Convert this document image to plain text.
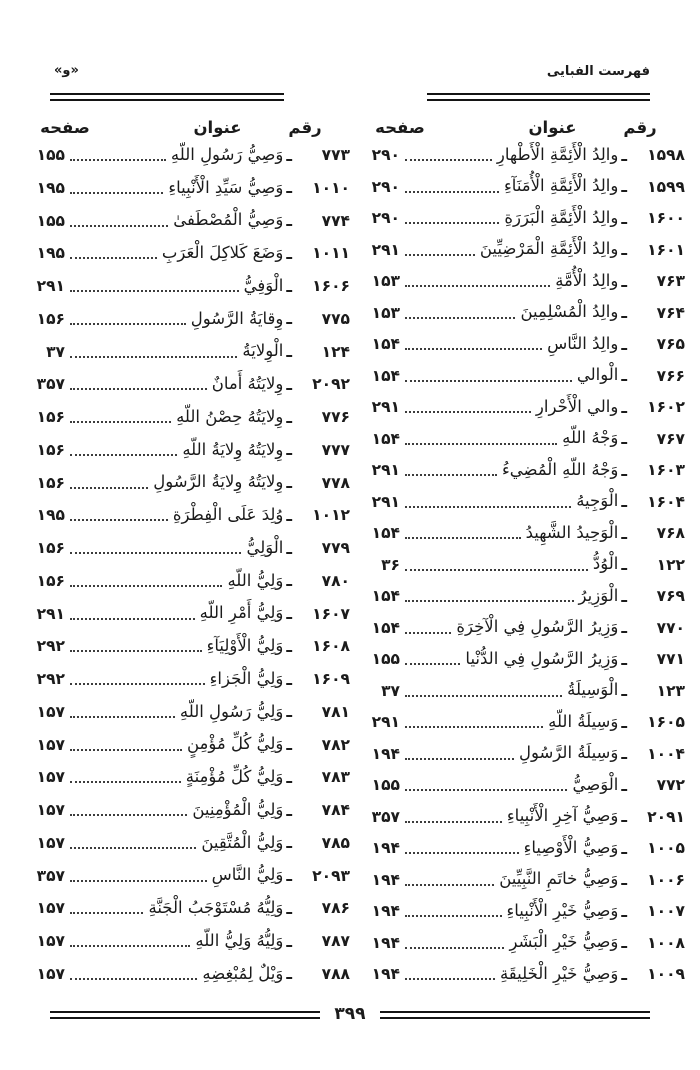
فهرست الفبایی
«و»
رقم
عنوان
صفحه
رقم
عنوان
صفحه
۱۵۹۸
ـ
والِدُ الْأَئِمَّةِ الْأَطْهارِ
۲۹۰
۱۵۹۹
ـ
والِدُ الْأَئِمَّةِ الْأُمَنَآءِ
۲۹۰
۱۶۰۰
ـ
والِدُ الْأَئِمَّةِ الْبَرَرَةِ
۲۹۰
۱۶۰۱
ـ
والِدُ الْأَئِمَّةِ الْمَرْضِيِّينَ
۲۹۱
۷۶۳
ـ
والِدُ الْأُمَّةِ
۱۵۳
۷۶۴
ـ
والِدُ الْمُسْلِمِينَ
۱۵۳
۷۶۵
ـ
والِدُ النَّاسِ
۱۵۴
۷۶۶
ـ
الْوالي
۱۵۴
۱۶۰۲
ـ
والي الْأَحْرارِ
۲۹۱
۷۶۷
ـ
وَجْهُ اللّهِ
۱۵۴
۱۶۰۳
ـ
وَجْهُ اللّهِ الْمُضِيءُ
۲۹۱
۱۶۰۴
ـ
الْوَجِيهُ
۲۹۱
۷۶۸
ـ
الْوَحِيدُ الشَّهِيدُ
۱۵۴
۱۲۲
ـ
الْوُدُّ
۳۶
۷۶۹
ـ
الْوَزِيرُ
۱۵۴
۷۷۰
ـ
وَزِيرُ الرَّسُولِ فِي الْآخِرَةِ
۱۵۴
۷۷۱
ـ
وَزِيرُ الرَّسُولِ فِي الدُّنْيا
۱۵۵
۱۲۳
ـ
الْوَسِيلَةُ
۳۷
۱۶۰۵
ـ
وَسِيلَةُ اللّهِ
۲۹۱
۱۰۰۴
ـ
وَسِيلَةُ الرَّسُولِ
۱۹۴
۷۷۲
ـ
الْوَصِيُّ
۱۵۵
۲۰۹۱
ـ
وَصِيُّ آخِرِ الْأَنْبِياءِ
۳۵۷
۱۰۰۵
ـ
وَصِيُّ الْأَوْصِياءِ
۱۹۴
۱۰۰۶
ـ
وَصِيُّ خاتَمِ النَّبِيِّينَ
۱۹۴
۱۰۰۷
ـ
وَصِيُّ خَيْرِ الْأَنْبِياءِ
۱۹۴
۱۰۰۸
ـ
وَصِيُّ خَيْرِ الْبَشَرِ
۱۹۴
۱۰۰۹
ـ
وَصِيُّ خَيْرِ الْخَلِيقَةِ
۱۹۴
۷۷۳
ـ
وَصِيُّ رَسُولِ اللّهِ
۱۵۵
۱۰۱۰
ـ
وَصِيُّ سَيِّدِ الْأَنْبِياءِ
۱۹۵
۷۷۴
ـ
وَصِيُّ الْمُصْطَفىٰ
۱۵۵
۱۰۱۱
ـ
وَضَعَ كَلاكِلَ الْعَرَبِ
۱۹۵
۱۶۰۶
ـ
الْوَفِيُّ
۲۹۱
۷۷۵
ـ
وِقايَةُ الرَّسُولِ
۱۵۶
۱۲۴
ـ
الْوِلايَةُ
۳۷
۲۰۹۲
ـ
وِلايَتُهُ أَمانٌ
۳۵۷
۷۷۶
ـ
وِلايَتُهُ حِصْنُ اللّهِ
۱۵۶
۷۷۷
ـ
وِلايَتُهُ وِلايَةُ اللّهِ
۱۵۶
۷۷۸
ـ
وِلايَتُهُ وِلايَةُ الرَّسُولِ
۱۵۶
۱۰۱۲
ـ
وُلِدَ عَلَى الْفِطْرَةِ
۱۹۵
۷۷۹
ـ
الْوَلِيُّ
۱۵۶
۷۸۰
ـ
وَلِيُّ اللّهِ
۱۵۶
۱۶۰۷
ـ
وَلِيُّ أَمْرِ اللّهِ
۲۹۱
۱۶۰۸
ـ
وَلِيُّ الْأَوْلِيَآءِ
۲۹۲
۱۶۰۹
ـ
وَلِيُّ الْجَزاءِ
۲۹۲
۷۸۱
ـ
وَلِيُّ رَسُولِ اللّهِ
۱۵۷
۷۸۲
ـ
وَلِيُّ كُلِّ مُؤْمِنٍ
۱۵۷
۷۸۳
ـ
وَلِيُّ كُلِّ مُؤْمِنَةٍ
۱۵۷
۷۸۴
ـ
وَلِيُّ الْمُؤْمِنِينَ
۱۵۷
۷۸۵
ـ
وَلِيُّ الْمُتَّقِينَ
۱۵۷
۲۰۹۳
ـ
وَلِيُّ النَّاسِ
۳۵۷
۷۸۶
ـ
وَلِيُّهُ مُسْتَوْجَبُ الْجَنَّةِ
۱۵۷
۷۸۷
ـ
وَلِيُّهُ وَلِيُّ اللّهِ
۱۵۷
۷۸۸
ـ
وَيْلٌ لِمُبْغِضِهِ
۱۵۷
۳۹۹
